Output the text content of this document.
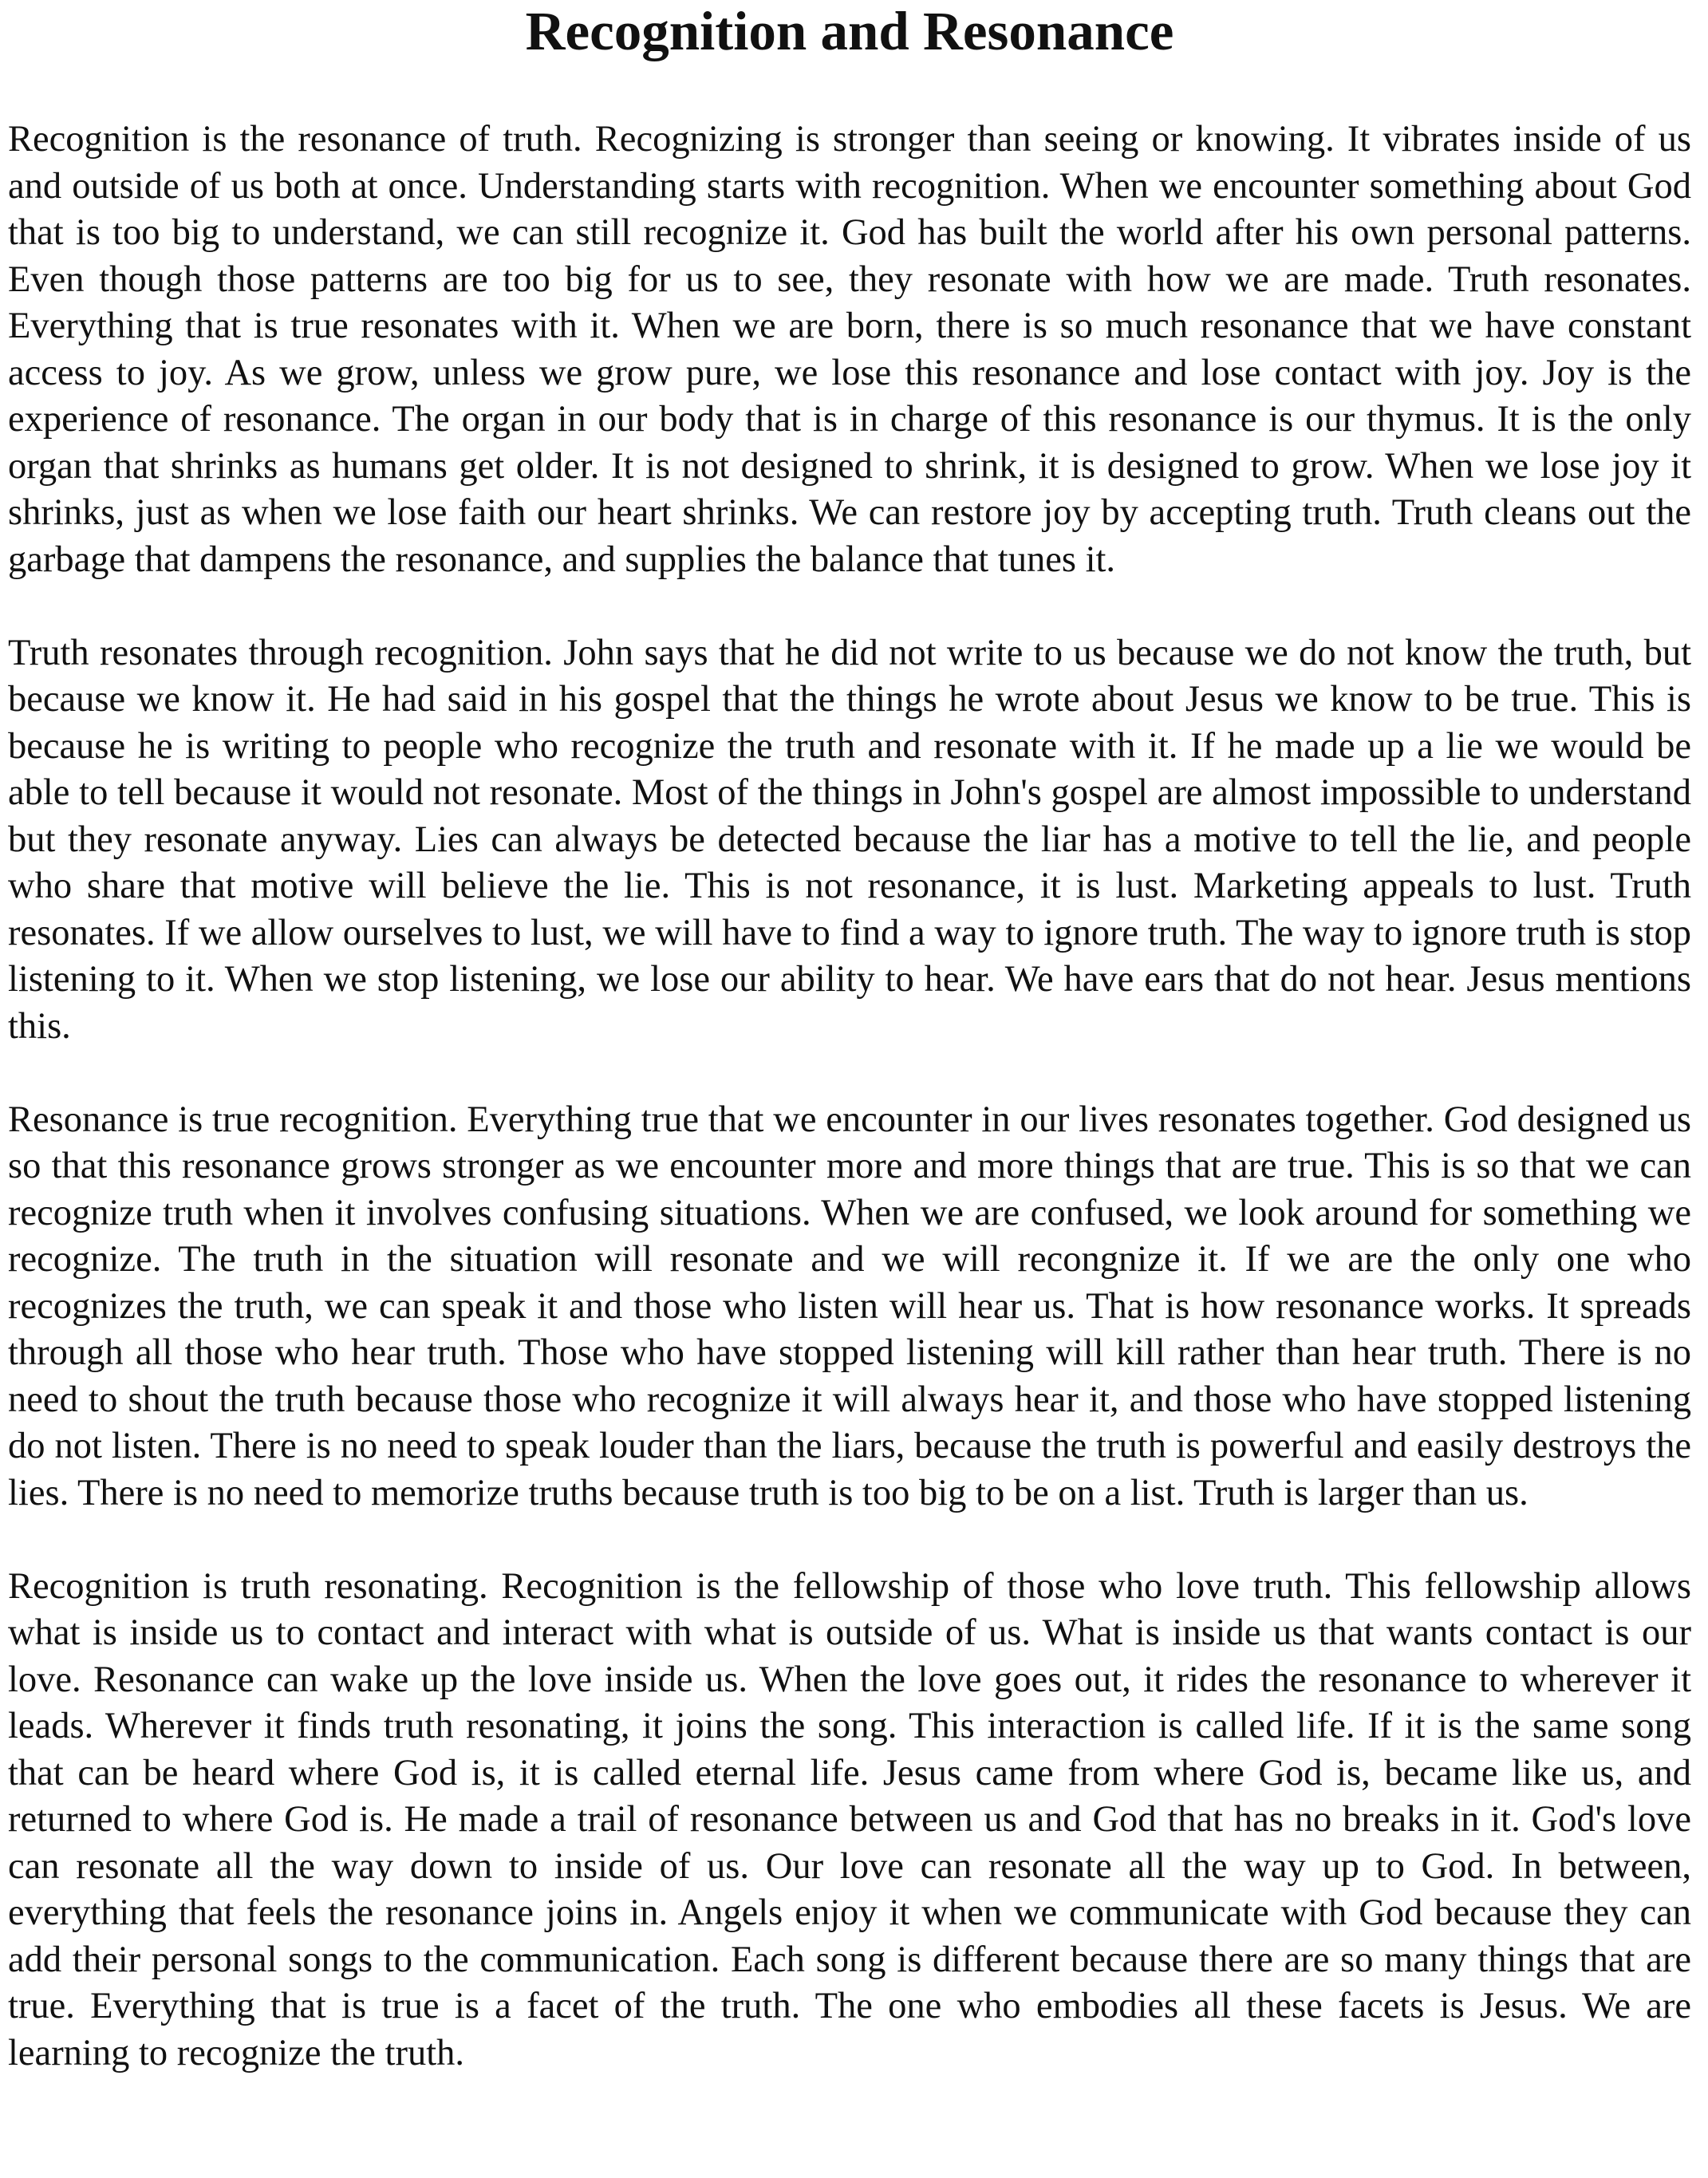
Recognition and Resonance

Recognition is the resonance of truth. Recognizing is stronger than seeing or knowing. It vibrates inside of us and outside of us both at once. Understanding starts with recognition. When we encounter something about God that is too big to understand, we can still recognize it. God has built the world after his own personal patterns. Even though those patterns are too big for us to see, they resonate with how we are made. Truth resonates. Everything that is true resonates with it. When we are born, there is so much resonance that we have constant access to joy. As we grow, unless we grow pure, we lose this resonance and lose contact with joy. Joy is the experience of resonance. The organ in our body that is in charge of this resonance is our thymus. It is the only organ that shrinks as humans get older. It is not designed to shrink, it is designed to grow. When we lose joy it shrinks, just as when we lose faith our heart shrinks. We can restore joy by accepting truth. Truth cleans out the garbage that dampens the resonance, and supplies the balance that tunes it.

Truth resonates through recognition. John says that he did not write to us because we do not know the truth, but because we know it. He had said in his gospel that the things he wrote about Jesus we know to be true. This is because he is writing to people who recognize the truth and resonate with it. If he made up a lie we would be able to tell because it would not resonate. Most of the things in John's gospel are almost impossible to understand but they resonate anyway. Lies can always be detected because the liar has a motive to tell the lie, and people who share that motive will believe the lie. This is not resonance, it is lust. Marketing appeals to lust. Truth resonates. If we allow ourselves to lust, we will have to find a way to ignore truth. The way to ignore truth is stop listening to it. When we stop listening, we lose our ability to hear. We have ears that do not hear. Jesus mentions this.

Resonance is true recognition. Everything true that we encounter in our lives resonates together. God designed us so that this resonance grows stronger as we encounter more and more things that are true. This is so that we can recognize truth when it involves confusing situations. When we are confused, we look around for something we recognize. The truth in the situation will resonate and we will recongnize it. If we are the only one who recognizes the truth, we can speak it and those who listen will hear us. That is how resonance works. It spreads through all those who hear truth. Those who have stopped listening will kill rather than hear truth. There is no need to shout the truth because those who recognize it will always hear it, and those who have stopped listening do not listen. There is no need to speak louder than the liars, because the truth is powerful and easily destroys the lies. There is no need to memorize truths because truth is too big to be on a list. Truth is larger than us.

Recognition is truth resonating. Recognition is the fellowship of those who love truth. This fellowship allows what is inside us to contact and interact with what is outside of us. What is inside us that wants contact is our love. Resonance can wake up the love inside us. When the love goes out, it rides the resonance to wherever it leads. Wherever it finds truth resonating, it joins the song. This interaction is called life. If it is the same song that can be heard where God is, it is called eternal life. Jesus came from where God is, became like us, and returned to where God is. He made a trail of resonance between us and God that has no breaks in it. God's love can resonate all the way down to inside of us. Our love can resonate all the way up to God. In between, everything that feels the resonance joins in. Angels enjoy it when we communicate with God because they can add their personal songs to the communication. Each song is different because there are so many things that are true. Everything that is true is a facet of the truth. The one who embodies all these facets is Jesus. We are learning to recognize the truth.
